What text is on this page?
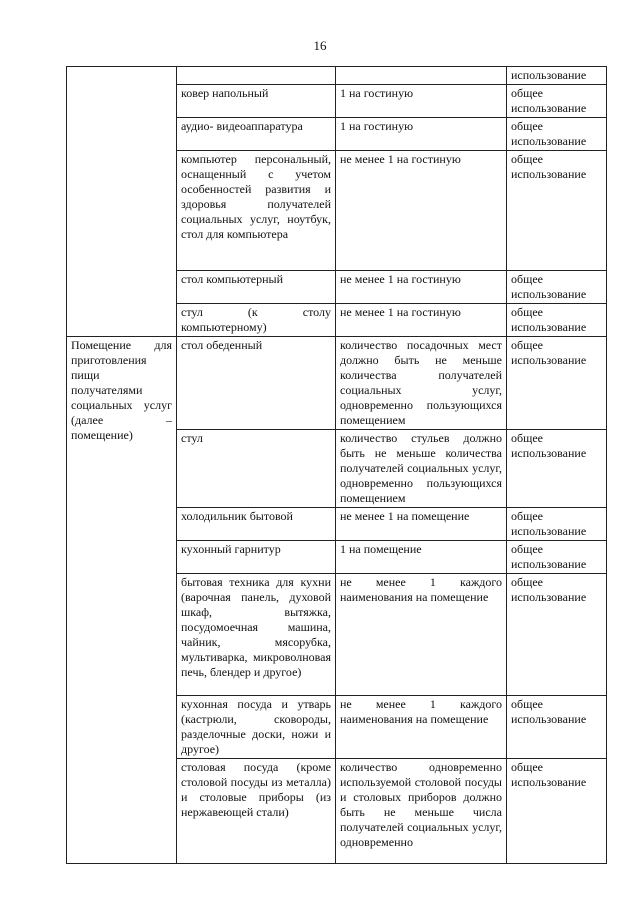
16
			использование
	ковер напольный	1 на гостиную	общее использование
	аудио- видеоаппаратура	1 на гостиную	общее использование
	компьютер персональный, оснащенный с учетом особенностей развития и здоровья получателей социальных услуг, ноутбук, стол для компьютера	не менее 1 на гостиную	общее использование
	стол компьютерный	не менее 1 на гостиную	общее использование
	стул (к столу компьютерному)	не менее 1 на гостиную	общее использование
Помещение для приготовления пищи получателями социальных услуг (далее – помещение)	стол обеденный	количество посадочных мест должно быть не меньше количества получателей социальных услуг, одновременно пользующихся помещением	общее использование
	стул	количество стульев должно быть не меньше количества получателей социальных услуг, одновременно пользующихся помещением	общее использование
	холодильник бытовой	не менее 1 на помещение	общее использование
	кухонный гарнитур	1 на помещение	общее использование
	бытовая техника для кухни (варочная панель, духовой шкаф, вытяжка, посудомоечная машина, чайник, мясорубка, мультиварка, микроволновая печь, блендер и другое)	не менее 1 каждого наименования на помещение	общее использование
	кухонная посуда и утварь (кастрюли, сковороды, разделочные доски, ножи и другое)	не менее 1 каждого наименования на помещение	общее использование
	столовая посуда (кроме столовой посуды из металла) и столовые приборы (из нержавеющей стали)	количество одновременно используемой столовой посуды и столовых приборов должно быть не меньше числа получателей социальных услуг, одновременно	общее использование
